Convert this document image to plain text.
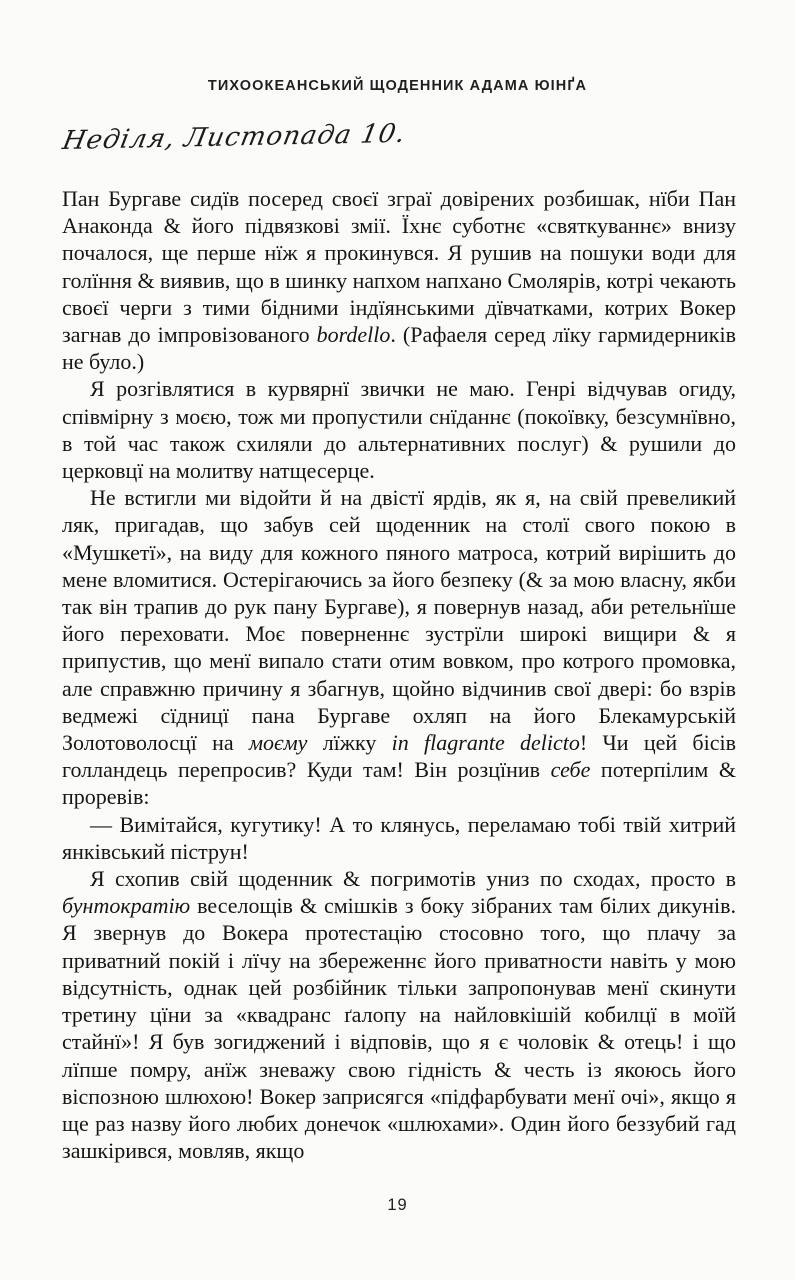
ТИХООКЕАНСЬКИЙ ЩОДЕННИК АДАМА ЮІНҐА
Неділя, Листопада 10.

Пан Бургаве сидїв посеред своєї зграї довірених розбишак, нїби Пан Анаконда & його підвязкові змії. Їхнє суботнє «святкуваннє» внизу почалося, ще перше нїж я прокинувся. Я рушив на пошуки води для голїння & виявив, що в шинку напхом напхано Смолярів, котрі чекають своєї черги з тими бідними індїянськими дївчатками, котрих Вокер загнав до імпровізованого bordello. (Рафаеля серед лїку гармидерників не було.)

Я розгівлятися в курвярнї звички не маю. Генрі відчував огиду, співмірну з моєю, тож ми пропустили снїданнє (покоївку, безсумнївно, в той час також схиляли до альтернативних послуг) & рушили до церковцї на молитву натщесерце.

Не встигли ми відойти й на двістї ярдів, як я, на свій превеликий ляк, пригадав, що забув сей щоденник на столї свого покою в «Мушкетї», на виду для кожного пяного матроса, котрий вирішить до мене вломитися. Остерігаючись за його безпеку (& за мою власну, якби так він трапив до рук пану Бургаве), я повернув назад, аби ретельнїше його переховати. Моє поверненнє зустрїли широкі вищири & я припустив, що менї випало стати отим вовком, про котрого промовка, але справжню причину я збагнув, щойно відчинив свої двері: бо взрів ведмежі сїдницї пана Бургаве охляп на його Блекамурській Золотоволосцї на моєму лїжку in flagrante delicto! Чи цей бісів голландець перепросив? Куди там! Він розцїнив себе потерпілим & проревів:

— Вимітайся, кугутику! А то клянусь, переламаю тобі твій хитрий янківський піструн!

Я схопив свій щоденник & погримотів униз по сходах, просто в бунтократію веселощів & смішків з боку зібраних там білих дикунів. Я звернув до Вокера протестацію стосовно того, що плачу за приватний покій і лїчу на збереженнє його приватности навіть у мою відсутність, однак цей розбійник тільки запропонував менї скинути третину цїни за «квадранс ґалопу на найловкішій кобилцї в моїй стайнї»! Я був зогиджений і відповів, що я є чоловік & отець! і що лїпше помру, анїж зневажу свою гідність & честь із якоюсь його віспозною шлюхою! Вокер заприсягся «підфарбувати менї очі», якщо я ще раз назву його любих донечок «шлюхами». Один його беззубий гад зашкірився, мовляв, якщо

19
